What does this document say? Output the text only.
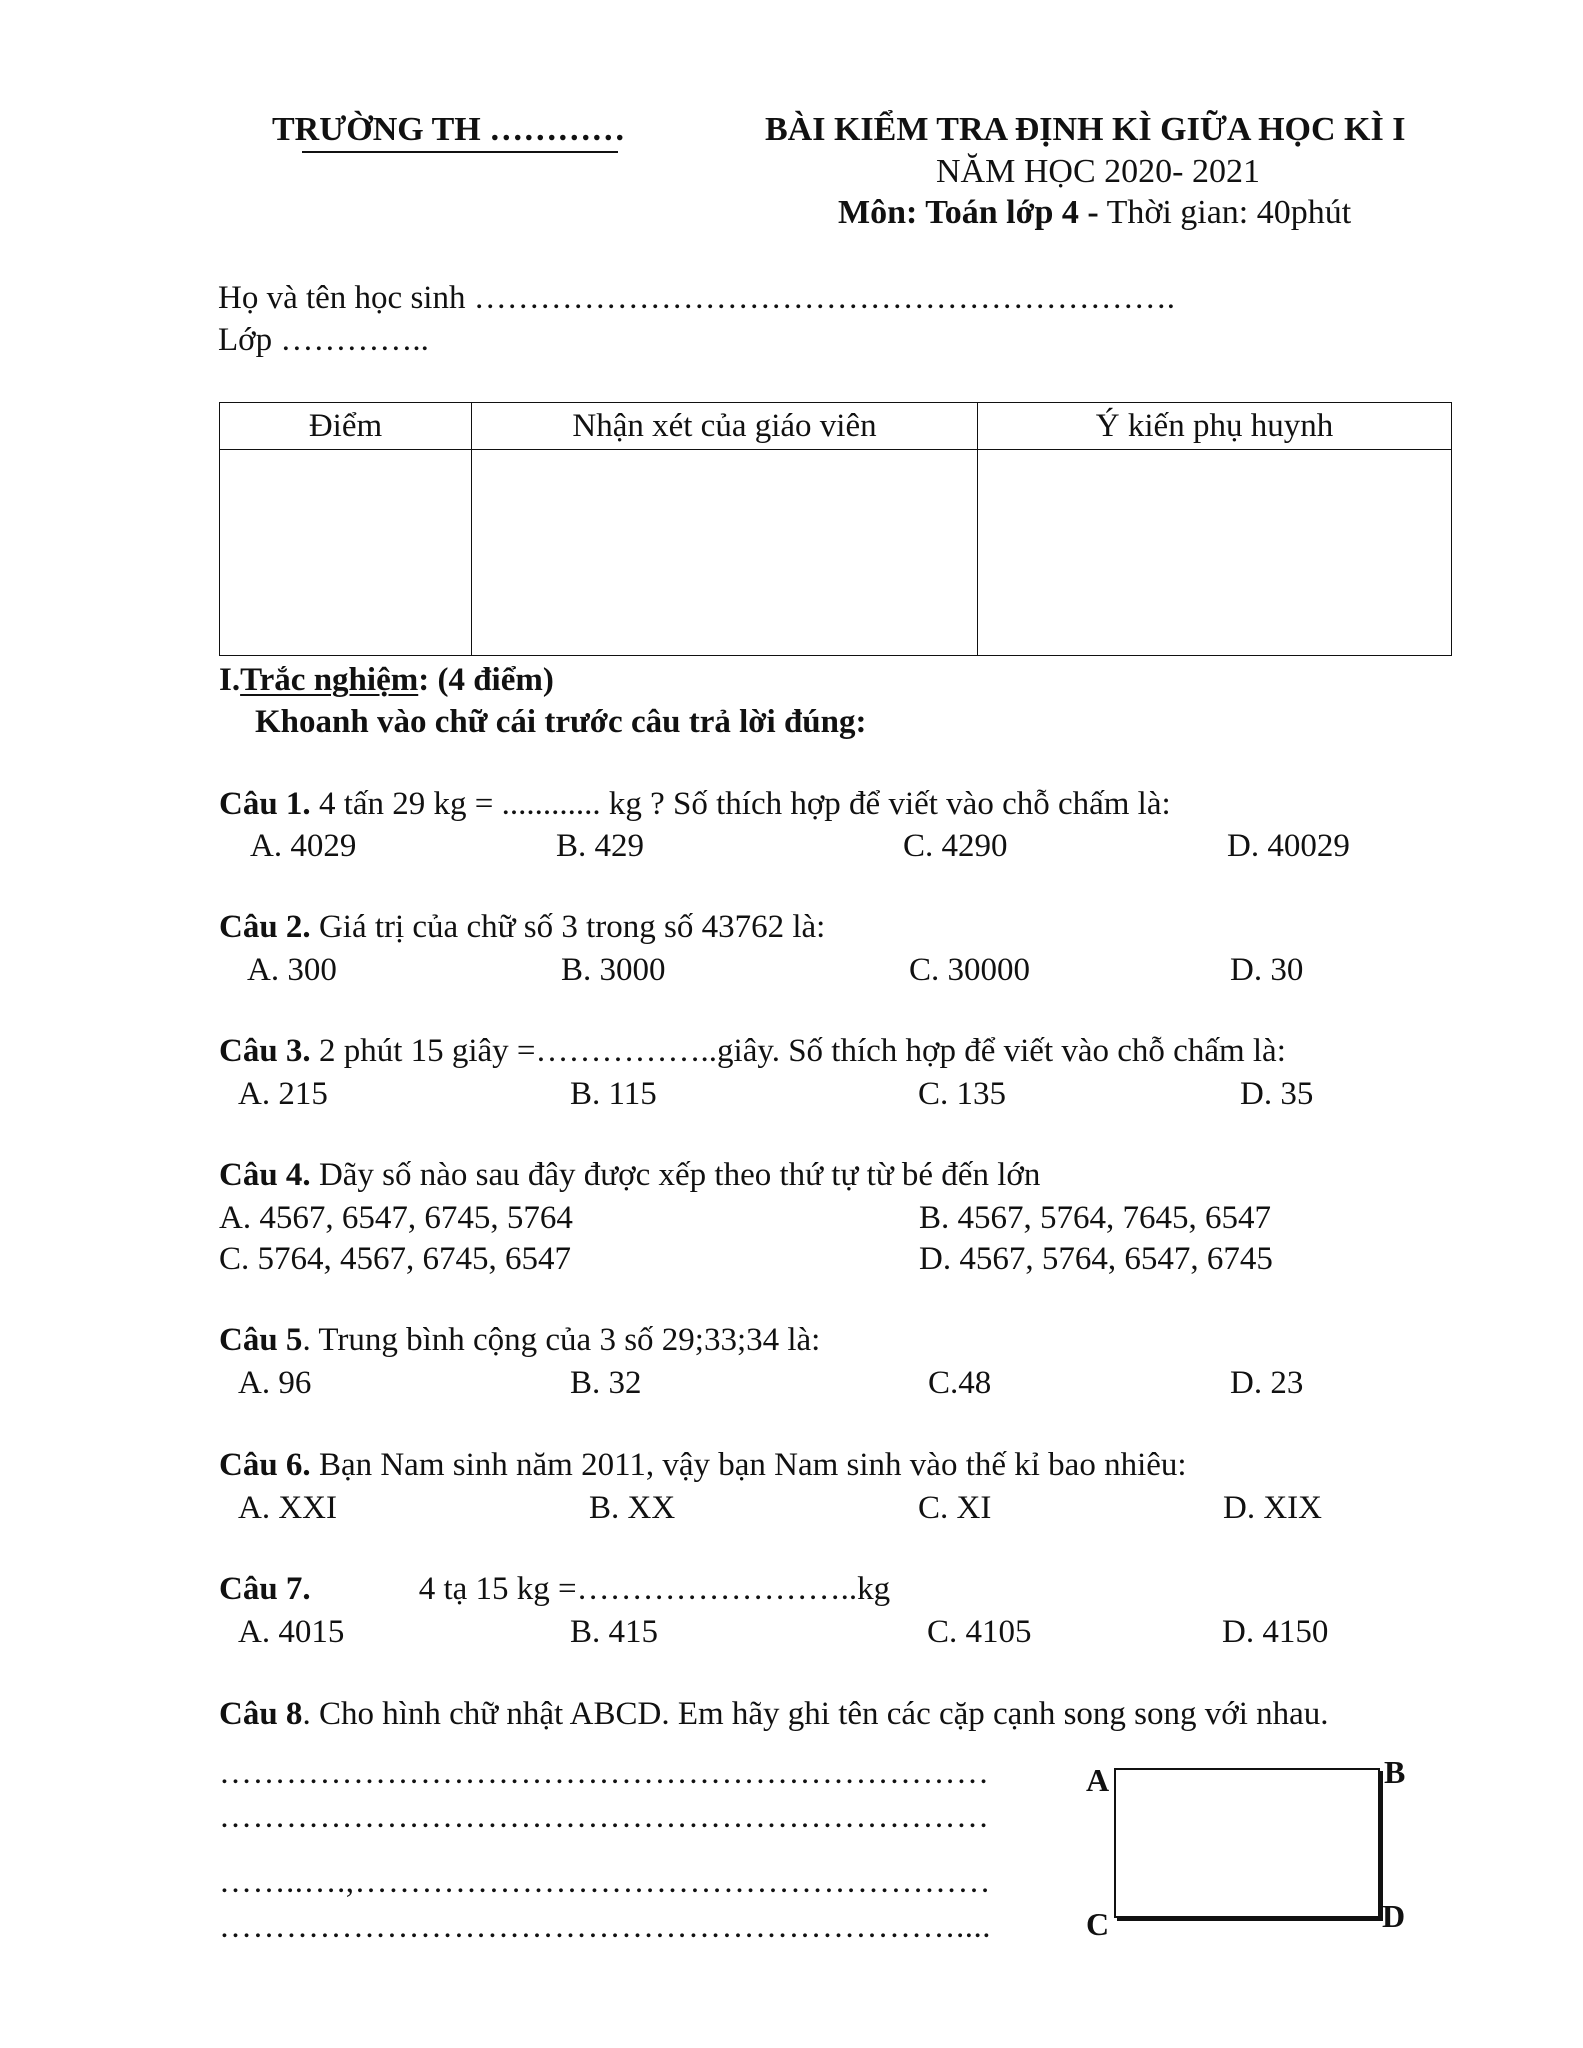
TRƯỜNG TH …………	BÀI KIỂM TRA ĐỊNH KÌ GIỮA HỌC KÌ I
NĂM HỌC 2020- 2021
Môn: Toán lớp 4 - Thời gian: 40phút
Họ và tên học sinh ……………………………………………………….
Lớp …………..
Điểm	Nhận xét của giáo viên	Ý kiến phụ huynh

I.Trắc nghiệm: (4 điểm)
Khoanh vào chữ cái trước câu trả lời đúng:
Câu 1. 4 tấn 29 kg = ............ kg ? Số thích hợp để viết vào chỗ chấm là:
A. 4029	B. 429	C. 4290	D. 40029
Câu 2. Giá trị của chữ số 3 trong số 43762 là:
A. 300	B. 3000	C. 30000	D. 30
Câu 3. 2 phút 15 giây =……………..giây. Số thích hợp để viết vào chỗ chấm là:
A. 215	B. 115	C. 135	D. 35
Câu 4. Dãy số nào sau đây được xếp theo thứ tự từ bé đến lớn
A. 4567, 6547, 6745, 5764	B. 4567, 5764, 7645, 6547
C. 5764, 4567, 6745, 6547	D. 4567, 5764, 6547, 6745
Câu 5. Trung bình cộng của 3 số 29;33;34 là:
A. 96	B. 32	C.48	D. 23
Câu 6. Bạn Nam sinh năm 2011, vậy bạn Nam sinh vào thế kỉ bao nhiêu:
A. XXI	B. XX	C. XI	D. XIX
Câu 7.	4 tạ 15 kg =……………………..kg
A. 4015	B. 415	C. 4105	D. 4150
Câu 8. Cho hình chữ nhật ABCD. Em hãy ghi tên các cặp cạnh song song với nhau.
……………………………………………………………
……………………………………………………………
……..….,…………………………………………………
…………………………………………………………....
A	B
C	D
